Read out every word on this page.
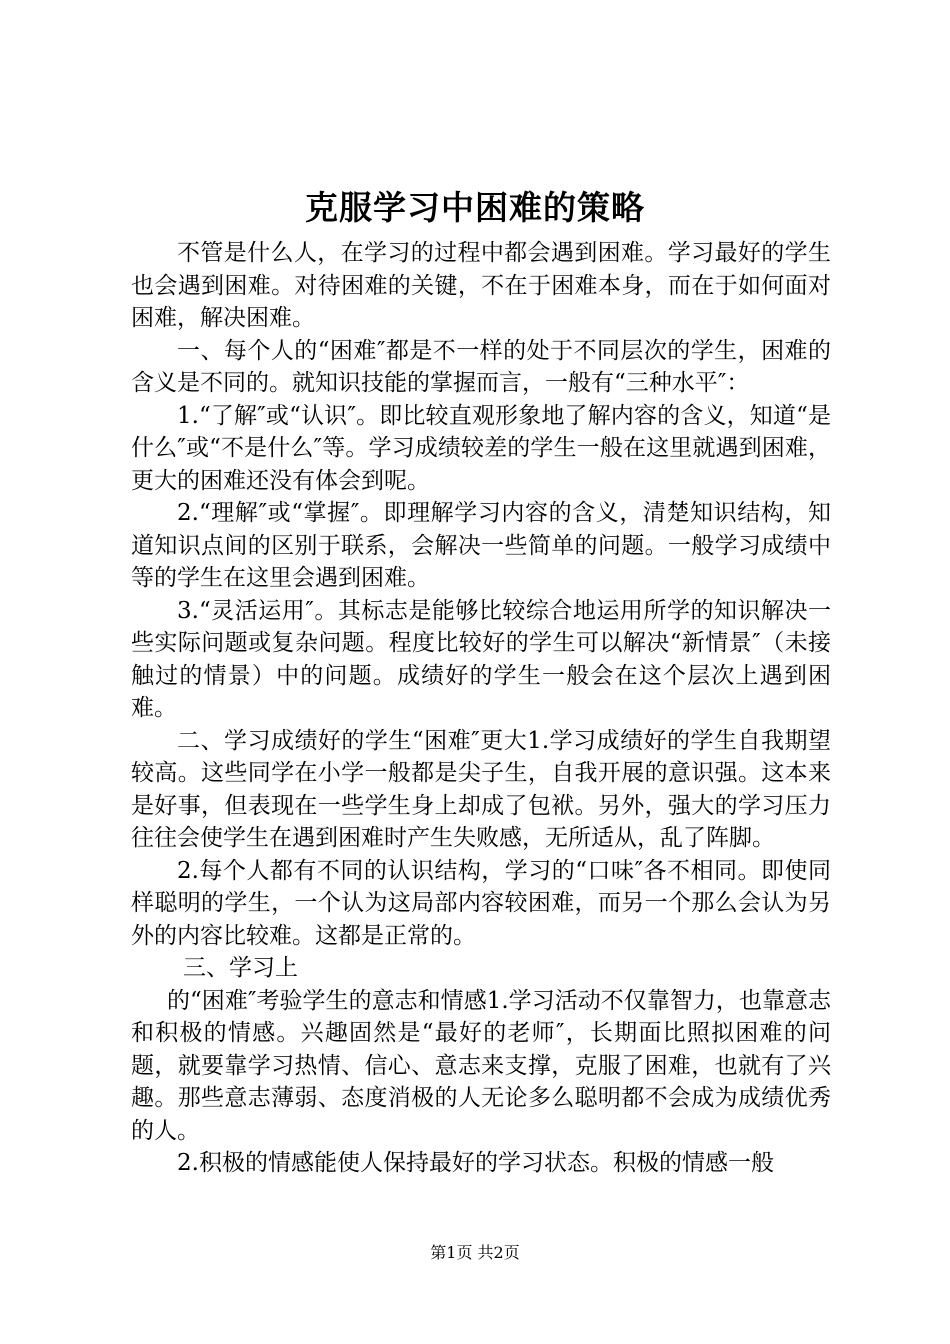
克服学习中困难的策略

不管是什么人，在学习的过程中都会遇到困难。学习最好的学生也会遇到困难。对待困难的关键，不在于困难本身，而在于如何面对困难，解决困难。

一、每个人的“困难″都是不一样的处于不同层次的学生，困难的含义是不同的。就知识技能的掌握而言，一般有“三种水平″：

1.“了解″或“认识″。即比较直观形象地了解内容的含义，知道“是什么″或“不是什么″等。学习成绩较差的学生一般在这里就遇到困难，更大的困难还没有体会到呢。

2.“理解″或“掌握″。即理解学习内容的含义，清楚知识结构，知道知识点间的区别于联系，会解决一些简单的问题。一般学习成绩中等的学生在这里会遇到困难。

3.“灵活运用″。其标志是能够比较综合地运用所学的知识解决一些实际问题或复杂问题。程度比较好的学生可以解决“新情景″（未接触过的情景）中的问题。成绩好的学生一般会在这个层次上遇到困难。

二、学习成绩好的学生“困难″更大1.学习成绩好的学生自我期望较高。这些同学在小学一般都是尖子生，自我开展的意识强。这本来是好事，但表现在一些学生身上却成了包袱。另外，强大的学习压力往往会使学生在遇到困难时产生失败感，无所适从，乱了阵脚。

2.每个人都有不同的认识结构，学习的“口味″各不相同。即使同样聪明的学生，一个认为这局部内容较困难，而另一个那么会认为另外的内容比较难。这都是正常的。

三、学习上

的“困难″考验学生的意志和情感1.学习活动不仅靠智力，也靠意志和积极的情感。兴趣固然是“最好的老师″，长期面比照拟困难的问题，就要靠学习热情、信心、意志来支撑，克服了困难，也就有了兴趣。那些意志薄弱、态度消极的人无论多么聪明都不会成为成绩优秀的人。

2.积极的情感能使人保持最好的学习状态。积极的情感一般

第1页 共2页
